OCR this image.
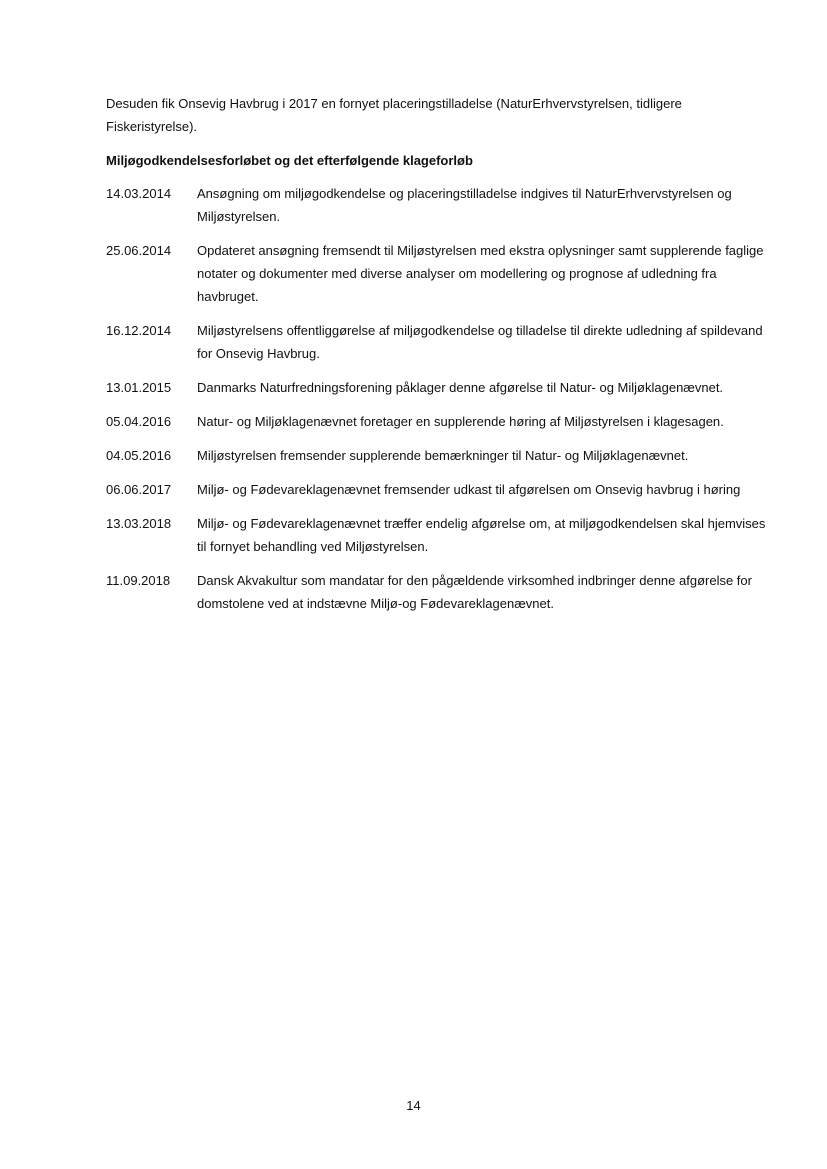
Desuden fik Onsevig Havbrug i 2017 en fornyet placeringstilladelse (NaturErhvervstyrelsen, tidligere Fiskeristyrelse).

Miljøgodkendelsesforløbet og det efterfølgende klageforløb

14.03.2014	Ansøgning om miljøgodkendelse og placeringstilladelse indgives til NaturErhvervstyrelsen og Miljøstyrelsen.
25.06.2014	Opdateret ansøgning fremsendt til Miljøstyrelsen med ekstra oplysninger samt supplerende faglige notater og dokumenter med diverse analyser om modellering og prognose af udledning fra havbruget.
16.12.2014	Miljøstyrelsens offentliggørelse af miljøgodkendelse og tilladelse til direkte udledning af spildevand for Onsevig Havbrug.
13.01.2015	Danmarks Naturfredningsforening påklager denne afgørelse til Natur- og Miljøklagenævnet.
05.04.2016	Natur- og Miljøklagenævnet foretager en supplerende høring af Miljøstyrelsen i klagesagen.
04.05.2016	Miljøstyrelsen fremsender supplerende bemærkninger til Natur- og Miljøklagenævnet.
06.06.2017	Miljø- og Fødevareklagenævnet fremsender udkast til afgørelsen om Onsevig havbrug i høring
13.03.2018	Miljø- og Fødevareklagenævnet træffer endelig afgørelse om, at miljøgodkendelsen skal hjemvises til fornyet behandling ved Miljøstyrelsen.
11.09.2018	Dansk Akvakultur som mandatar for den pågældende virksomhed indbringer denne afgørelse for domstolene ved at indstævne Miljø-og Fødevareklagenævnet.
14
